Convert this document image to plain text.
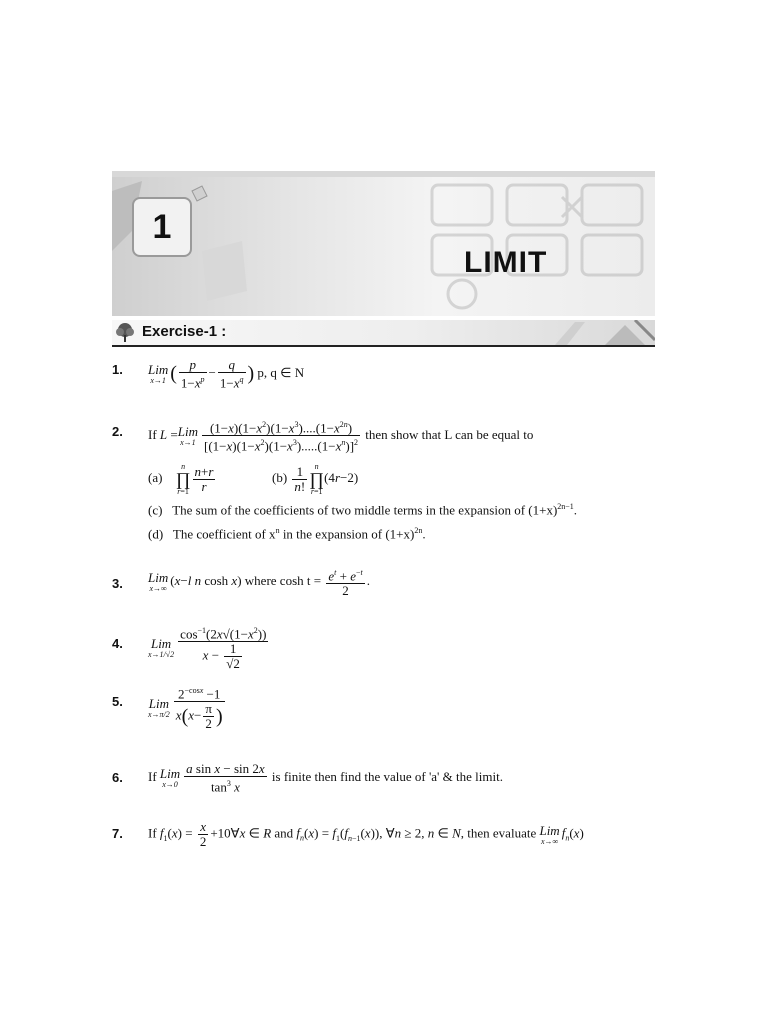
1
LIMIT
Exercise-1 :
1. Lim
x→1 ( $\frac{p}{1-x^p} - \frac{q}{1-x^q}$ ) p, q ∈ N
2. If L = Lim
$x\to 1 \frac{(1-x)(1-x^2)(1-x^3)....(1-x^{2n})}{[(1-x)(1-x^2)(1-x^3).....(1-x^n)]^2}$ then show that L can be equal to
(a)
n
∏
$r=1 \frac{n+r}{r}$	$(b) \frac{1}{n!}$ n
∏
r=1
(4r−2)
(c) The sum of the coefficients of two middle terms in the expansion of $(1+x)^{2n-1}$.
(d) The coefficient of $x^n$ in the expansion of $(1+x)^{2n}$.
3. Lim
x→∞
(x−l n cosh x) where $\cosh t = \frac{e^t + e^{-t}}{2}$ .
4. Lim
$x\to 1/√2 \frac{\cos^{-1}(2x√(1-x^2))}{x - \frac{1}{√2}}$
5. Lim
$x\to\pi/2 \frac{2^{-cosx} -1}{x(x- \frac{\pi}{2} )}$
6. If Lim
$x\to 0 \frac{\text{a sin x − sin 2x}}{\tan^3 x}$ is finite then find the value of 'a' & the limit.
7. If $f_1(x) = \frac{x}{2}$ +10∀x ∈ R and $f_n(x) = f_1(f_{n-1}(x))$, ∀n ≥ 2, n ∈ N, then evaluate Lim
x→∞
$f_n(x)$
